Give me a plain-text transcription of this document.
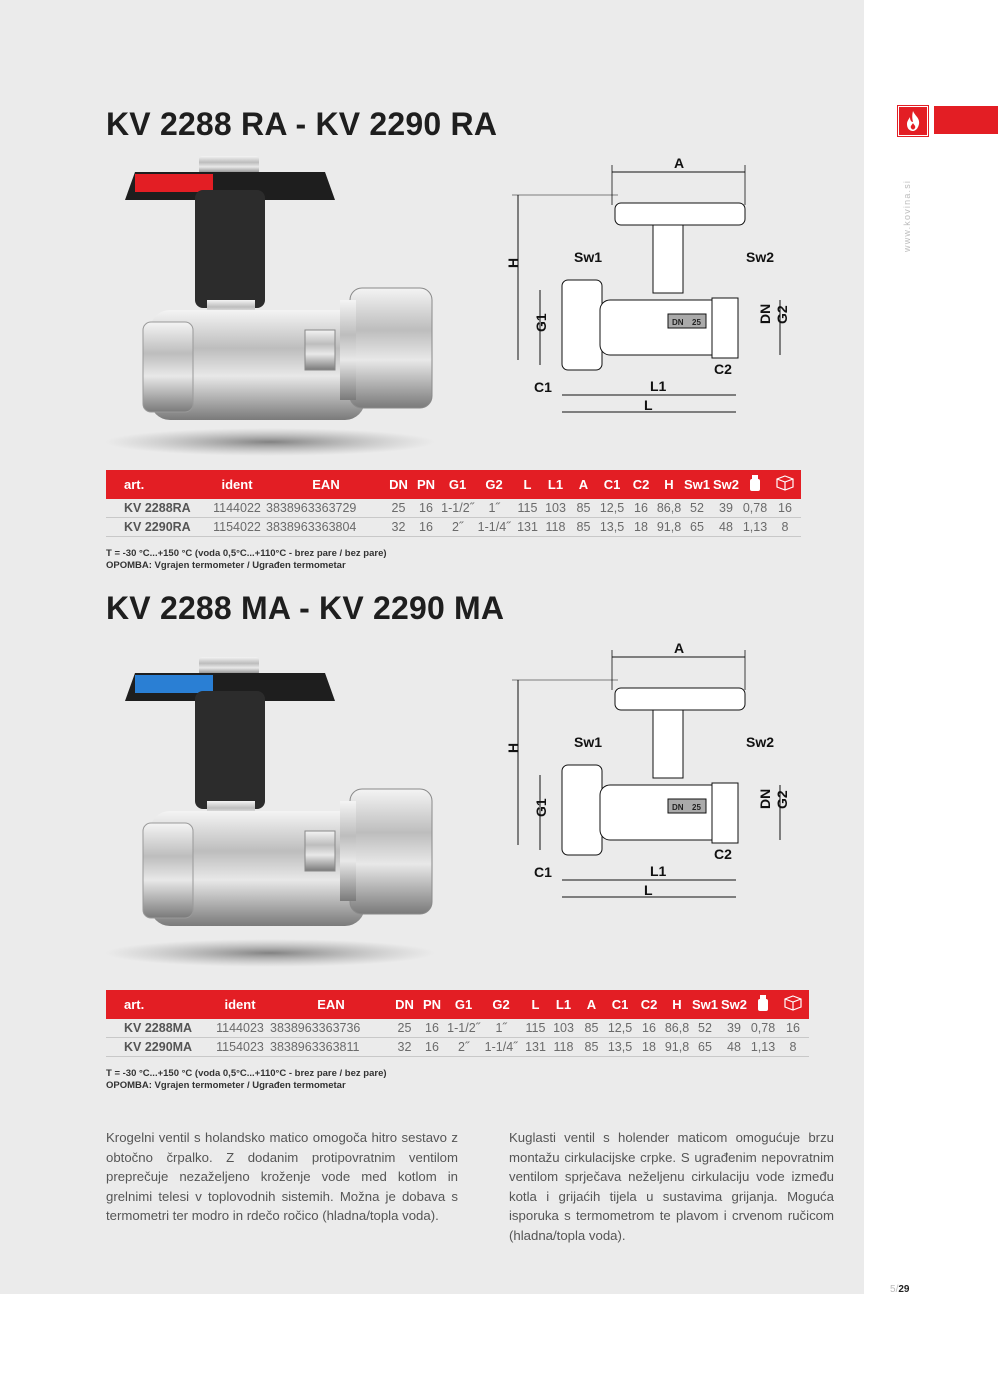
KV 2288 RA - KV 2290 RA
A
H	Sw1	Sw2
DN 25
G1	DN G2
C2
C1	L1
L
art.	ident	EAN	DN	PN	G1	G2	L	L1	A	C1	C2	H	Sw1	Sw2		
KV 2288RA	1144022	3838963363729	25	16	1-1/2˝	1˝	115	103	85	12,5	16	86,8	52	39	0,78	16
KV 2290RA	1154022	3838963363804	32	16	2˝	1-1/4˝	131	118	85	13,5	18	91,8	65	48	1,13	8
T = -30 °C...+150 °C (voda 0,5°C...+110°C - brez pare / bez pare)
OPOMBA: Vgrajen termometer / Ugrađen termometar
KV 2288 MA - KV 2290 MA
A
H	Sw1	Sw2
DN 25
G1	DN G2
C2
C1	L1
L
art.	ident	EAN	DN	PN	G1	G2	L	L1	A	C1	C2	H	Sw1	Sw2		
KV 2288MA	1144023	3838963363736	25	16	1-1/2˝	1˝	115	103	85	12,5	16	86,8	52	39	0,78	16
KV 2290MA	1154023	3838963363811	32	16	2˝	1-1/4˝	131	118	85	13,5	18	91,8	65	48	1,13	8
T = -30 °C...+150 °C (voda 0,5°C...+110°C - brez pare / bez pare)
OPOMBA: Vgrajen termometer / Ugrađen termometar
Krogelni ventil s holandsko matico omogoča hitro sestavo z obtočno črpalko. Z dodanim protipovratnim ventilom preprečuje nezaželjeno kroženje vode med kotlom in grelnimi telesi v toplovodnih sistemih. Možna je dobava s termometri ter modro in rdečo ročico (hladna/topla voda).
Kuglasti ventil s holender maticom omogućuje brzu montažu cirkulacijske crpke. S ugrađenim nepovratnim ventilom sprječava neželjenu cirkulaciju vode između kotla i grijaćih tijela u sustavima grijanja. Moguća isporuka s termometrom te plavom i crvenom ručicom (hladna/topla voda).
www.kovina.si
5/29
